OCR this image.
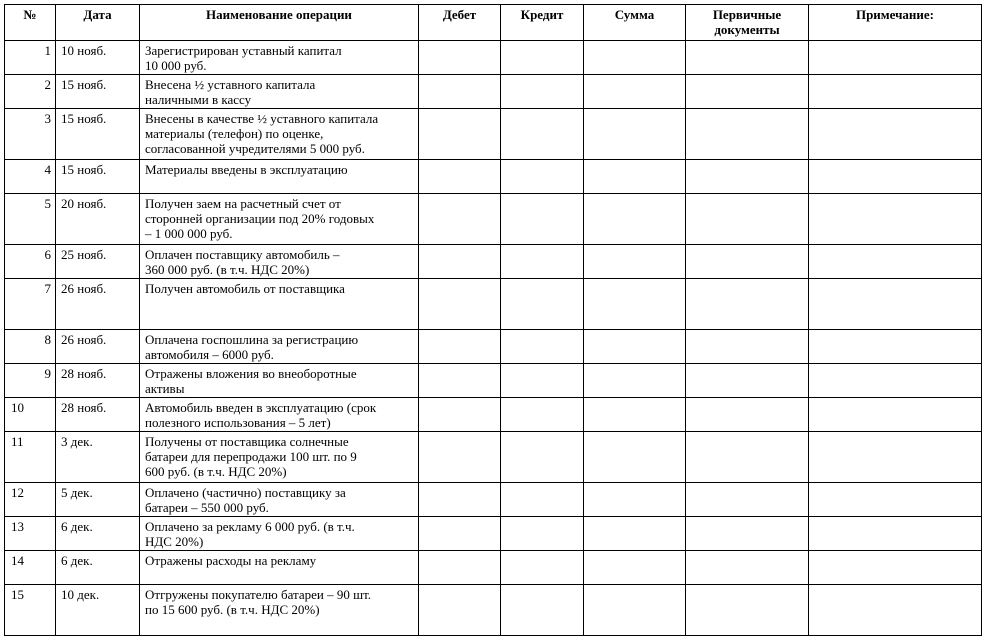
№	Дата	Наименование операции	Дебет	Кредит	Сумма	Первичные
документы	Примечание:
1	10 нояб.	Зарегистрирован уставный капитал
10 000 руб.					

2	15 нояб.	Внесена ½ уставного капитала
наличными в кассу					

3	15 нояб.	Внесены в качестве ½ уставного капитала
материалы (телефон) по оценке,
согласованной учредителями 5 000 руб.					

4	15 нояб.	Материалы введены в эксплуатацию					

5	20 нояб.	Получен заем на расчетный счет от
сторонней организации под 20% годовых
– 1 000 000 руб.					

6	25 нояб.	Оплачен поставщику автомобиль –
360 000 руб. (в т.ч. НДС 20%)					

7	26 нояб.	Получен автомобиль от поставщика					

8	26 нояб.	Оплачена госпошлина за регистрацию
автомобиля – 6000 руб.					

9	28 нояб.	Отражены вложения во внеоборотные
активы					

10	28 нояб.	Автомобиль введен в эксплуатацию (срок
полезного использования – 5 лет)					

11	3 дек.	Получены от поставщика солнечные
батареи для перепродажи 100 шт. по 9
600 руб. (в т.ч. НДС 20%)					

12	5 дек.	Оплачено (частично) поставщику за
батареи – 550 000 руб.					

13	6 дек.	Оплачено за рекламу 6 000 руб. (в т.ч.
НДС 20%)					

14	6 дек.	Отражены расходы на рекламу					

15	10 дек.	Отгружены покупателю батареи – 90 шт.
по 15 600 руб. (в т.ч. НДС 20%)					
